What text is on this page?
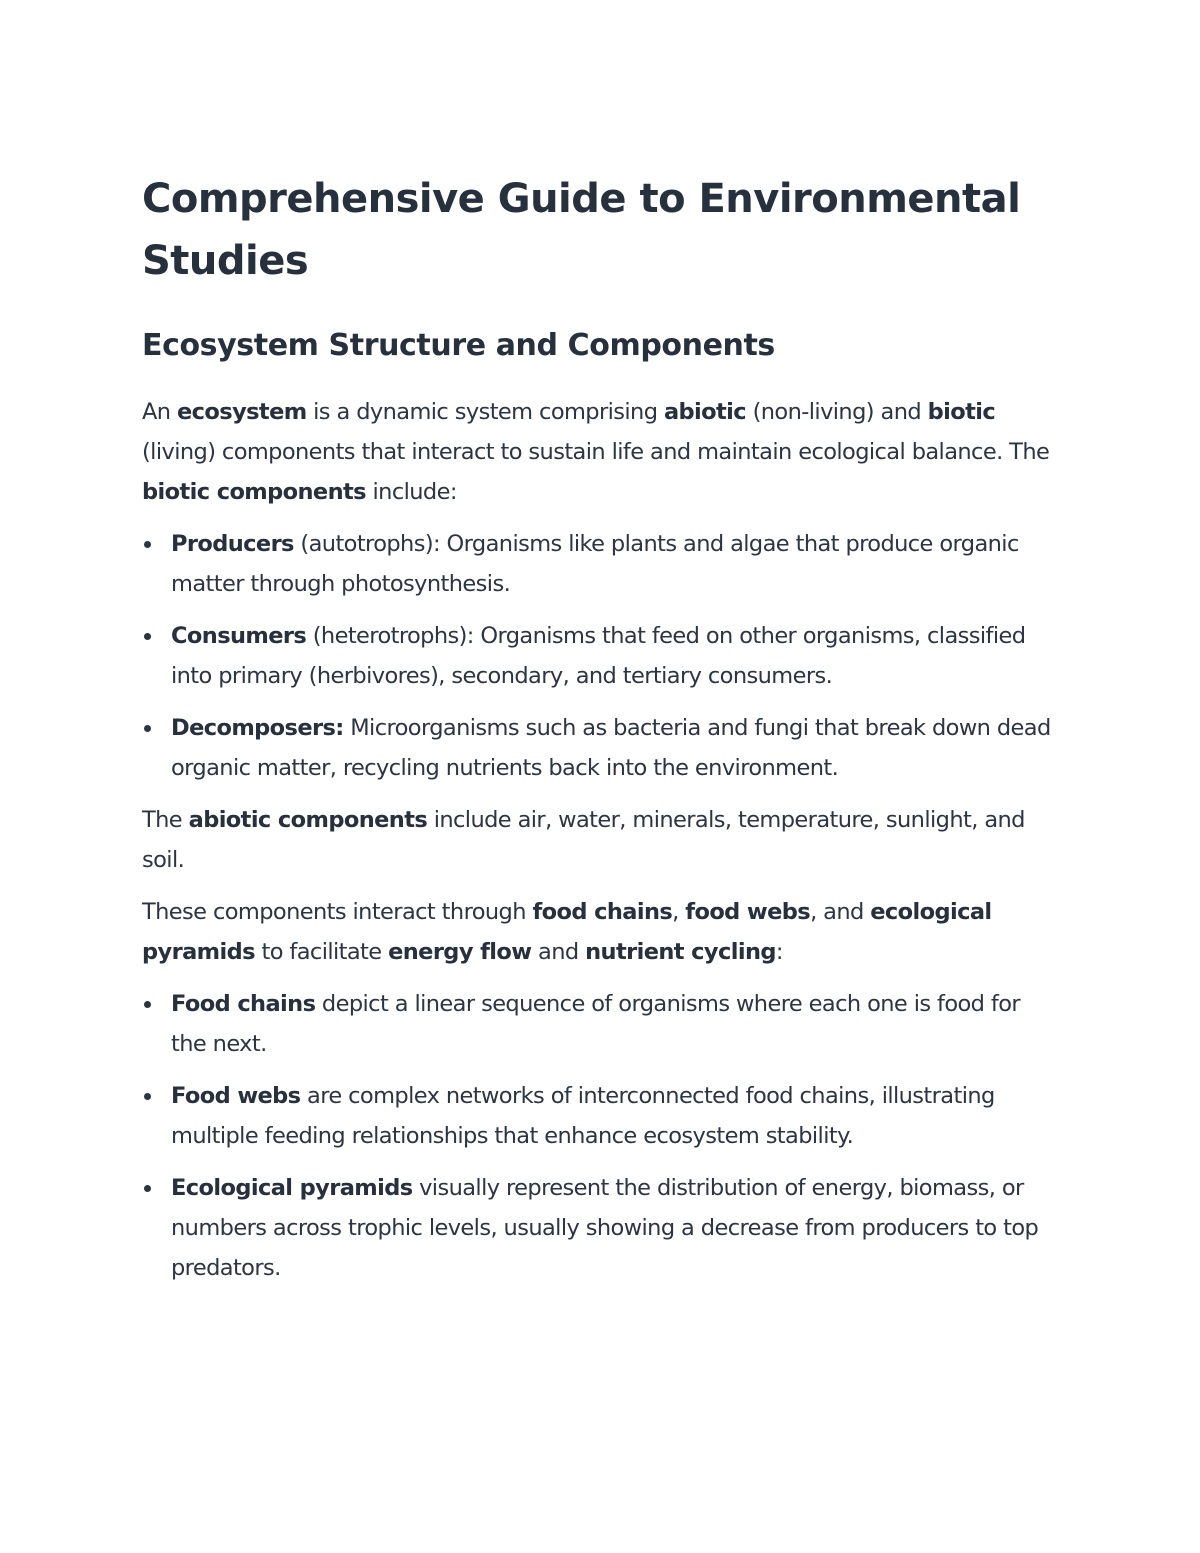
Comprehensive Guide to Environmental Studies
Ecosystem Structure and Components

An ecosystem is a dynamic system comprising abiotic (non-living) and biotic (living) components that interact to sustain life and maintain ecological balance. The biotic components include:

Producers (autotrophs): Organisms like plants and algae that produce organic matter through photosynthesis.
Consumers (heterotrophs): Organisms that feed on other organisms, classified into primary (herbivores), secondary, and tertiary consumers.
Decomposers: Microorganisms such as bacteria and fungi that break down dead organic matter, recycling nutrients back into the environment.

The abiotic components include air, water, minerals, temperature, sunlight, and soil.

These components interact through food chains, food webs, and ecological pyramids to facilitate energy flow and nutrient cycling:

Food chains depict a linear sequence of organisms where each one is food for the next.
Food webs are complex networks of interconnected food chains, illustrating multiple feeding relationships that enhance ecosystem stability.
Ecological pyramids visually represent the distribution of energy, biomass, or numbers across trophic levels, usually showing a decrease from producers to top predators.
